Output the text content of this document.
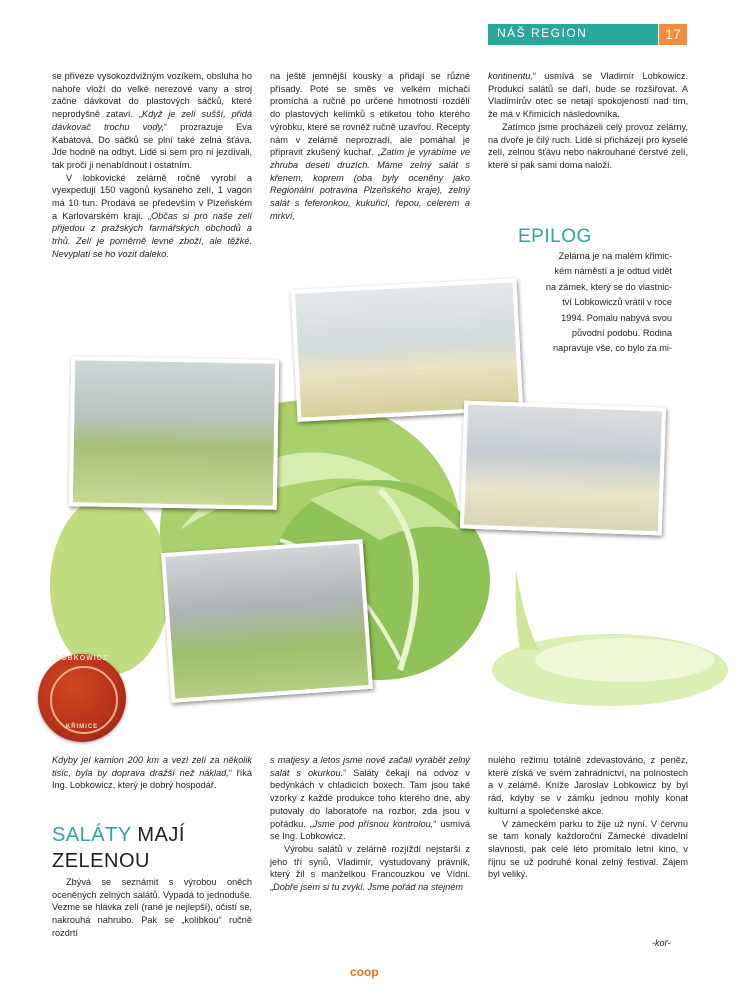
NÁŠ REGION	17

se přiveze vysokozdvižným vozíkem, obsluha ho nahoře vloží do velké nerezové vany a stroj začne dávkovat do plastových sáčků, které neprodyšně zataví. „Když je zelí sušší, přidá dávkovač trochu vody,“ prozrazuje Eva Kabátová. Do sáčků se plní také zelná šťáva. Jde hodně na odbyt. Lidé si sem pro ni jezdívali, tak proči ji nenabídnout i ostatním.

V lobkovické zelárně ročně vyrobí a vyexpedují 150 vagonů kysaného zelí, 1 vagon má 10 tun. Prodává se především v Plzeňském a Karlovarském kraji. „Občas si pro naše zelí přijedou z pražských farmářských obchodů a trhů. Zelí je poměrně levné zboží, ale těžké. Nevyplatí se ho vozit daleko.

na ještě jemnější kousky a přidají se různé přísady. Poté se směs ve velkém míchači promíchá a ručně po určené hmotnosti rozdělí do plastových kelímků s etiketou toho kterého výrobku, které se rovněž ručně uzavřou. Recepty nám v zelárně neprozradí, ale pomáhal je připravit zkušený kuchař. „Zatím je vyrábíme ve zhruba deseti druzích. Máme zelný salát s křenem, koprem (oba byly oceněny jako Regionální potravina Plzeňského kraje), zelný salát s feferonkou, kukuřicí, řepou, celerem a mrkví,

kontinentu,“ usmívá se Vladimír Lobkowicz. Produkci salátů se daří, bude se rozšiřovat. A Vladimírův otec se netají spokojeností nad tím, že má v Křimicích následovníka.

Zatímco jsme procházeli celý provoz zelárny, na dvoře je čilý ruch. Lidé si přicházejí pro kyselé zelí, zelnou šťávu nebo nakrouhané čerstvé zelí, které si pak sami doma naloží.

EPILOG
Zelárna je na malém křimic-
kém náměstí a je odtud vidět
na zámek, který se do vlastnic-
tví Lobkowiczů vrátil v roce
1994. Pomalu nabývá svou
původní podobu. Rodina
napravuje vše, co bylo za mi-
LOBKOWICZ
KŘIMICE

Kdyby jel kamion 200 km a vezl zelí za několik tisíc, byla by doprava dražší než náklad,“ říká Ing. Lobkowicz, který je dobrý hospodář.

SALÁTY MAJÍ
ZELENOU

Zbývá se seznámit s výrobou oněch oceněných zelných salátů. Vypadá to jednoduše. Vezme se hlávka zelí (rané je nejlepší), očistí se, nakrouhá nahrubo. Pak se „kolíbkou“ ručně rozdrtí

s matjesy a letos jsme nově začali vyrábět zelný salát s okurkou.“ Saláty čekají na odvoz v bedýnkách v chladicích boxech. Tam jsou také vzorky z každé produkce toho kterého dne, aby putovaly do laboratoře na rozbor, zda jsou v pořádku. „Jsme pod přísnou kontrolou,“ usmívá se Ing. Lobkowicz.

Výrobu salátů v zelárně rozjíždí nejstarší z jeho tří synů, Vladimír, vystudovaný právník, který žil s manželkou Francouzkou ve Vídni. „Dobře jsem si tu zvykl. Jsme pořád na stejném

nulého režimu totálně zdevastováno, z peněz, které získá ve svém zahradnictví, na polnostech a v zelárně. Kníže Jaroslav Lobkowicz by byl rád, kdyby se v zámku jednou mohly konat kulturní a společenské akce.

V zámeckém parku to žije už nyní. V červnu se tam konaly každoroční Zámecké divadelní slavnosti, pak celé léto promítalo letní kino, v říjnu se už podruhé konal zelný festival. Zájem byl veliký.

-koř-
coop
